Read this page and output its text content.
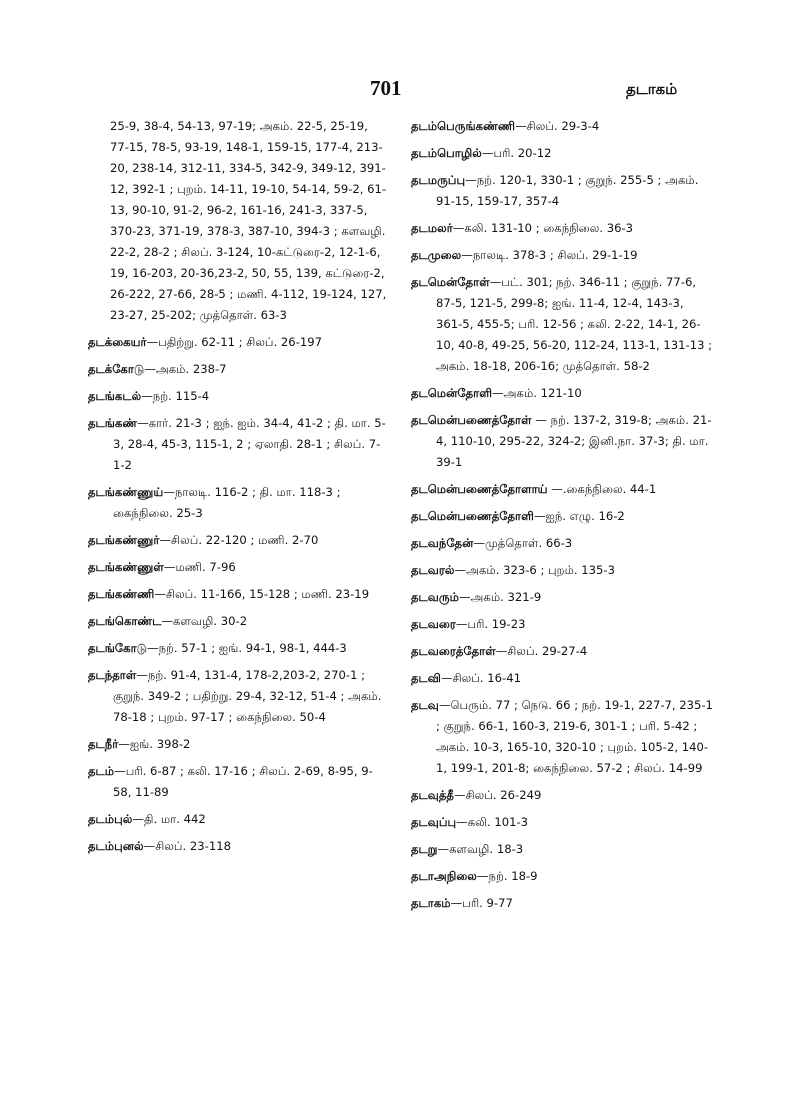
701	தடாகம்
25-9, 38-4, 54-13, 97-19; அகம். 22-5, 25-19, 77-15, 78-5, 93-19, 148-1, 159-15, 177-4, 213-20, 238-14, 312-11, 334-5, 342-9, 349-12, 391-12, 392-1 ; புறம். 14-11, 19-10, 54-14, 59-2, 61-13, 90-10, 91-2, 96-2, 161-16, 241-3, 337-5, 370-23, 371-19, 378-3, 387-10, 394-3 ; களவழி. 22-2, 28-2 ; சிலப். 3-124, 10-கட்டுரை-2, 12-1-6, 19, 16-203, 20-36,23-2, 50, 55, 139, கட்டுரை-2, 26-222, 27-66, 28-5 ; மணி. 4-112, 19-124, 127, 23-27, 25-202; முத்தொள். 63-3
தடக்கையர்—பதிற்று. 62-11 ; சிலப். 26-197
தடக்கோடு—அகம். 238-7
தடங்கடல்—நற். 115-4
தடங்கண்—கார். 21-3 ; ஐந். ஐம். 34-4, 41-2 ; தி. மா. 5-3, 28-4, 45-3, 115-1, 2 ; ஏலாதி. 28-1 ; சிலப். 7-1-2
தடங்கண்ணுய்—நாலடி. 116-2 ; தி. மா. 118-3 ; கைந்நிலை. 25-3
தடங்கண்ணுர்—சிலப். 22-120 ; மணி. 2-70
தடங்கண்ணுள்—மணி. 7-96
தடங்கண்ணி—சிலப். 11-166, 15-128 ; மணி. 23-19
தடங்கொண்ட—களவழி. 30-2
தடங்கோடு—நற். 57-1 ; ஐங். 94-1, 98-1, 444-3
தடந்தாள்—நற். 91-4, 131-4, 178-2,203-2, 270-1 ; குறுந். 349-2 ; பதிற்று. 29-4, 32-12, 51-4 ; அகம். 78-18 ; புறம். 97-17 ; கைந்நிலை. 50-4
தடநீர்—ஐங். 398-2
தடம்—பரி. 6-87 ; கலி. 17-16 ; சிலப். 2-69, 8-95, 9-58, 11-89
தடம்புல்—தி. மா. 442
தடம்புனல்—சிலப். 23-118
தடம்பெருங்கண்ணி—சிலப். 29-3-4
தடம்பொழில்—பரி. 20-12
தடமருப்பு—நற். 120-1, 330-1 ; குறுந். 255-5 ; அகம். 91-15, 159-17, 357-4
தடமலர்—கலி. 131-10 ; கைந்நிலை. 36-3
தடமுலை—நாலடி. 378-3 ; சிலப். 29-1-19
தடமென்தோள்—பட். 301; நற். 346-11 ; குறுந். 77-6, 87-5, 121-5, 299-8; ஐங். 11-4, 12-4, 143-3, 361-5, 455-5; பரி. 12-56 ; கலி. 2-22, 14-1, 26-10, 40-8, 49-25, 56-20, 112-24, 113-1, 131-13 ; அகம். 18-18, 206-16; முத்தொள். 58-2
தடமென்தோளி—அகம். 121-10
தடமென்பணைத்தோள் — நற். 137-2, 319-8; அகம். 21-4, 110-10, 295-22, 324-2; இனி.நா. 37-3; தி. மா. 39-1
தடமென்பணைத்தோளாய் —.கைந்நிலை. 44-1
தடமென்பணைத்தோளி—ஐந். எழு. 16-2
தடவந்தேன்—முத்தொள். 66-3
தடவரல்—அகம். 323-6 ; புறம். 135-3
தடவரும்—அகம். 321-9
தடவரை—பரி. 19-23
தடவரைத்தோள்—சிலப். 29-27-4
தடவி—சிலப். 16-41
தடவு—பெரும். 77 ; நெடு. 66 ; நற். 19-1, 227-7, 235-1 ; குறுந். 66-1, 160-3, 219-6, 301-1 ; பரி. 5-42 ; அகம். 10-3, 165-10, 320-10 ; புறம். 105-2, 140-1, 199-1, 201-8; கைந்நிலை. 57-2 ; சிலப். 14-99
தடவுத்தீ—சிலப். 26-249
தடவுப்பு—கலி. 101-3
தடறு—களவழி. 18-3
தடாஅநிலை—நற். 18-9
தடாகம்—பரி. 9-77
